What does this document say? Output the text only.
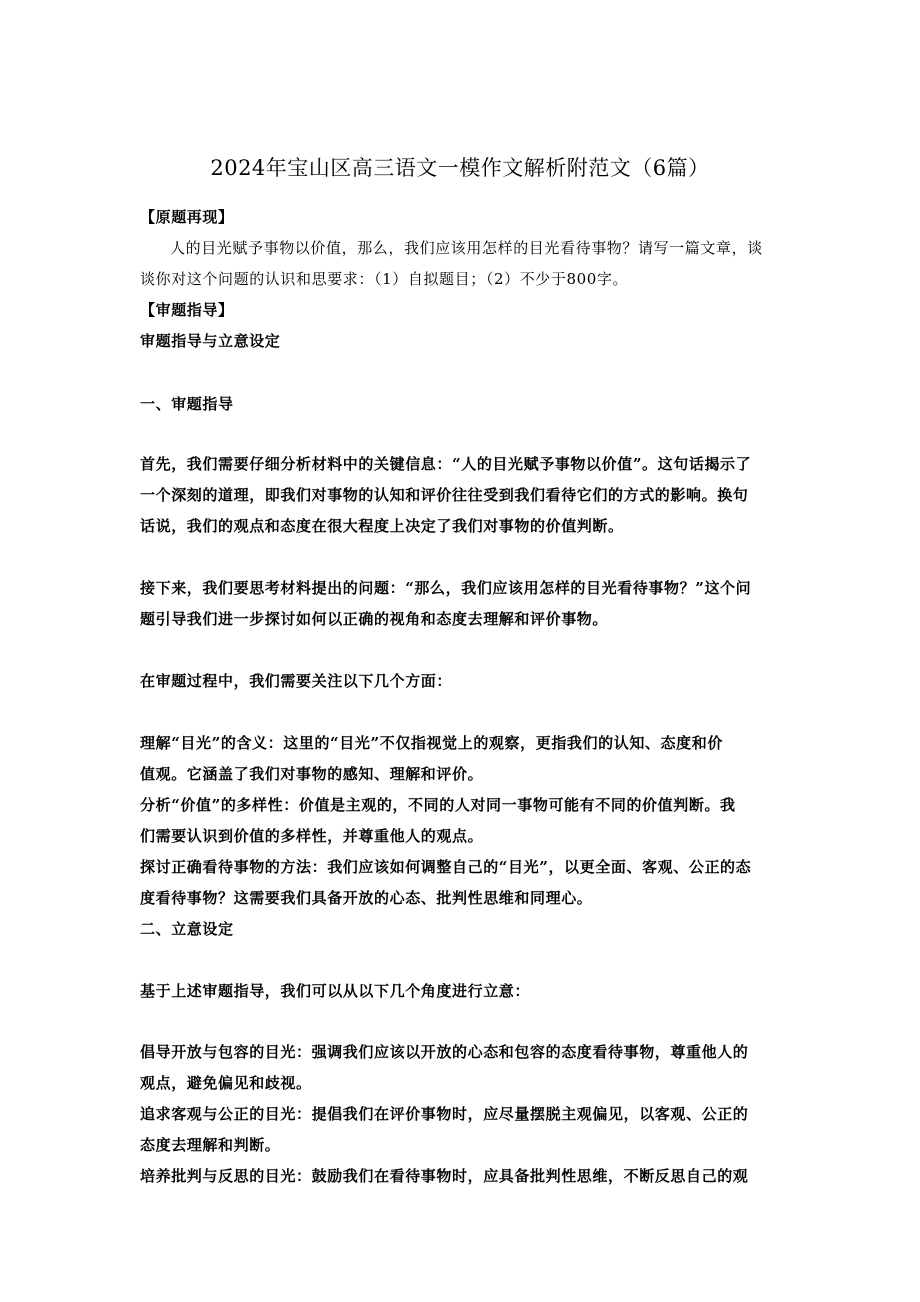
2024年宝山区高三语文一模作文解析附范文（6篇）
【原题再现】
人的目光赋予事物以价值，那么，我们应该用怎样的目光看待事物？请写一篇文章，谈
谈你对这个问题的认识和思要求：（1）自拟题目；（2）不少于800字。
【审题指导】
审题指导与立意设定
一、审题指导
首先，我们需要仔细分析材料中的关键信息：“人的目光赋予事物以价值”。这句话揭示了
一个深刻的道理，即我们对事物的认知和评价往往受到我们看待它们的方式的影响。换句
话说，我们的观点和态度在很大程度上决定了我们对事物的价值判断。
接下来，我们要思考材料提出的问题：“那么，我们应该用怎样的目光看待事物？”这个问
题引导我们进一步探讨如何以正确的视角和态度去理解和评价事物。
在审题过程中，我们需要关注以下几个方面：
理解“目光”的含义：这里的“目光”不仅指视觉上的观察，更指我们的认知、态度和价
值观。它涵盖了我们对事物的感知、理解和评价。
分析“价值”的多样性：价值是主观的，不同的人对同一事物可能有不同的价值判断。我
们需要认识到价值的多样性，并尊重他人的观点。
探讨正确看待事物的方法：我们应该如何调整自己的“目光”，以更全面、客观、公正的态
度看待事物？这需要我们具备开放的心态、批判性思维和同理心。
二、立意设定
基于上述审题指导，我们可以从以下几个角度进行立意：
倡导开放与包容的目光：强调我们应该以开放的心态和包容的态度看待事物，尊重他人的
观点，避免偏见和歧视。
追求客观与公正的目光：提倡我们在评价事物时，应尽量摆脱主观偏见，以客观、公正的
态度去理解和判断。
培养批判与反思的目光：鼓励我们在看待事物时，应具备批判性思维，不断反思自己的观
